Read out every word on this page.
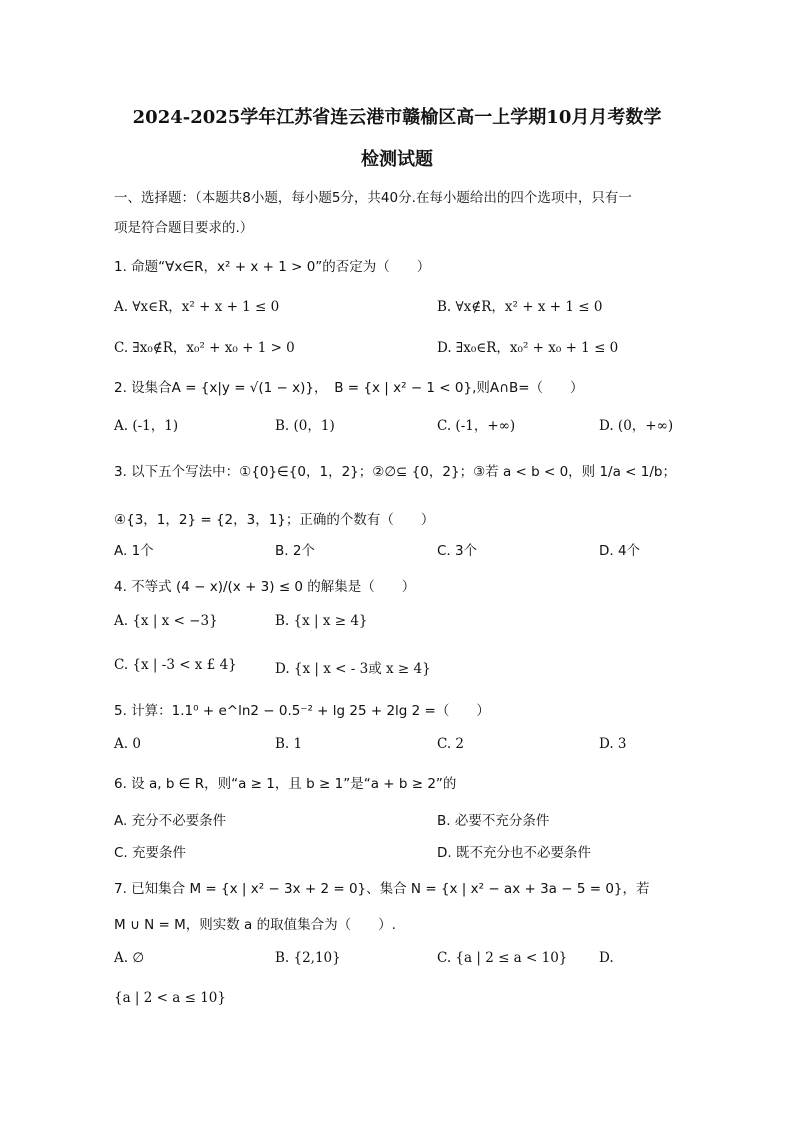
2024-2025学年江苏省连云港市赣榆区高一上学期10月月考数学
检测试题
一、选择题：（本题共8小题，每小题5分，共40分.在每小题给出的四个选项中，只有一
项是符合题目要求的.）
1. 命题“∀x∈R，x² + x + 1 > 0”的否定为（　　）
A. ∀x∈R，x² + x + 1 ≤ 0	B. ∀x∉R，x² + x + 1 ≤ 0
C. ∃x₀∉R，x₀² + x₀ + 1 > 0	D. ∃x₀∈R，x₀² + x₀ + 1 ≤ 0
2. 设集合A = {x|y = √(1 − x)}，　B = {x | x² − 1 < 0},则A∩B=（　　）
A. (-1，1)	B. (0，1)	C. (-1，+∞)	D. (0，+∞)
3. 以下五个写法中：①{0}∈{0，1，2}；②∅⊆ {0，2}；③若 a < b < 0，则 1/a < 1/b；
④{3，1，2} = {2，3，1}；正确的个数有（　　）
A. 1个	B. 2个	C. 3个	D. 4个
4. 不等式 (4 − x)/(x + 3) ≤ 0 的解集是（　　）
A. {x | x < −3}	B. {x | x ≥ 4}
C. {x | -3 < x £ 4}	D. {x | x < - 3或 x ≥ 4}
5. 计算：1.1⁰ + e^ln2 − 0.5⁻² + lg 25 + 2lg 2 =（　　）
A. 0	B. 1	C. 2	D. 3
6. 设 a, b ∈ R，则“a ≥ 1，且 b ≥ 1”是“a + b ≥ 2”的
A. 充分不必要条件	B. 必要不充分条件
C. 充要条件	D. 既不充分也不必要条件
7. 已知集合 M = {x | x² − 3x + 2 = 0}、集合 N = {x | x² − ax + 3a − 5 = 0}，若
M ∪ N = M，则实数 a 的取值集合为（　　）.
A. ∅	B. {2,10}	C. {a | 2 ≤ a < 10} D.
{a | 2 < a ≤ 10}
